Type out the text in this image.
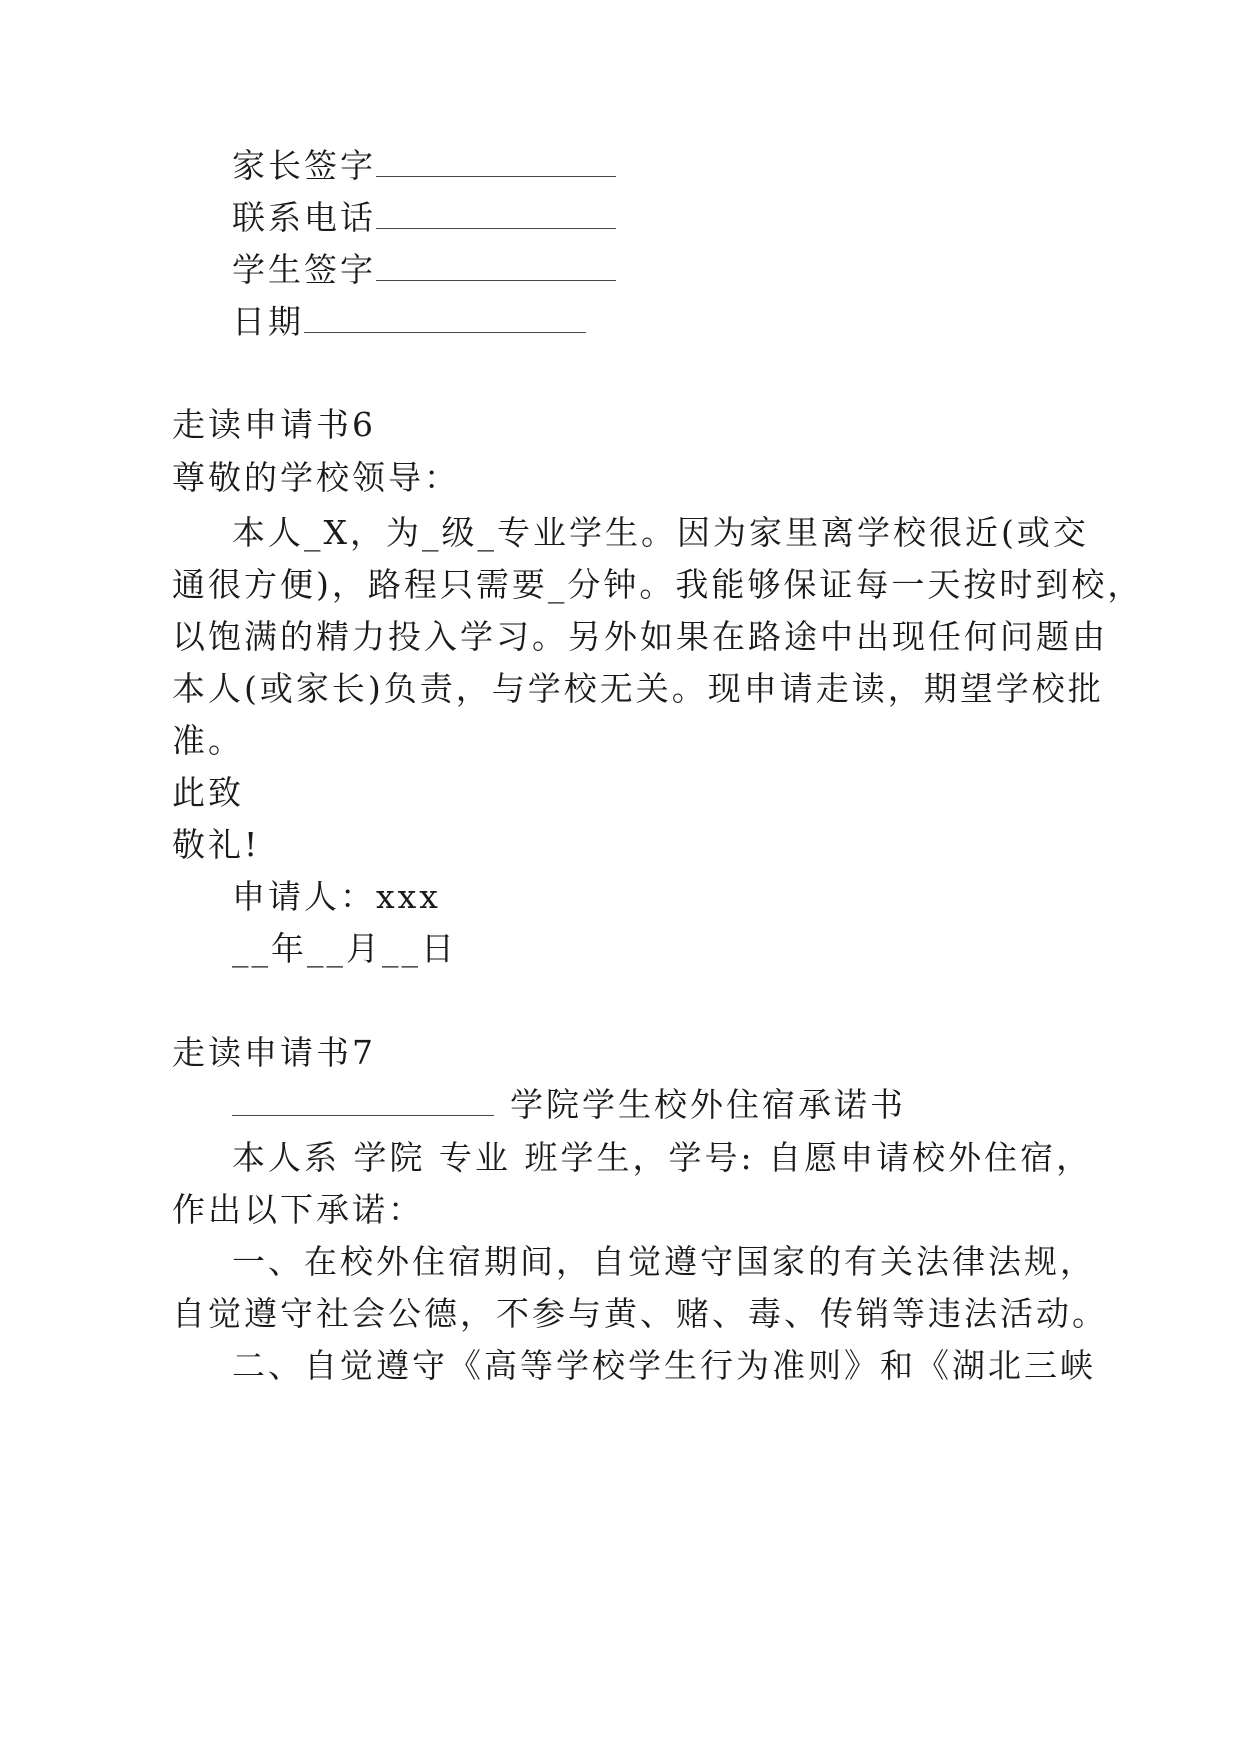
家长签字
联系电话
学生签字
日期
走读申请书6
尊敬的学校领导：
本人_X，为_级_专业学生。因为家里离学校很近(或交
通很方便)，路程只需要_分钟。我能够保证每一天按时到校，
以饱满的精力投入学习。另外如果在路途中出现任何问题由
本人(或家长)负责，与学校无关。现申请走读，期望学校批
准。
此致
敬礼!
申请人：xxx
__年__月__日
走读申请书7
学院学生校外住宿承诺书
本人系 学院 专业 班学生，学号: 自愿申请校外住宿，
作出以下承诺：
一、在校外住宿期间，自觉遵守国家的有关法律法规，
自觉遵守社会公德，不参与黄、赌、毒、传销等违法活动。
二、自觉遵守《高等学校学生行为准则》和《湖北三峡
